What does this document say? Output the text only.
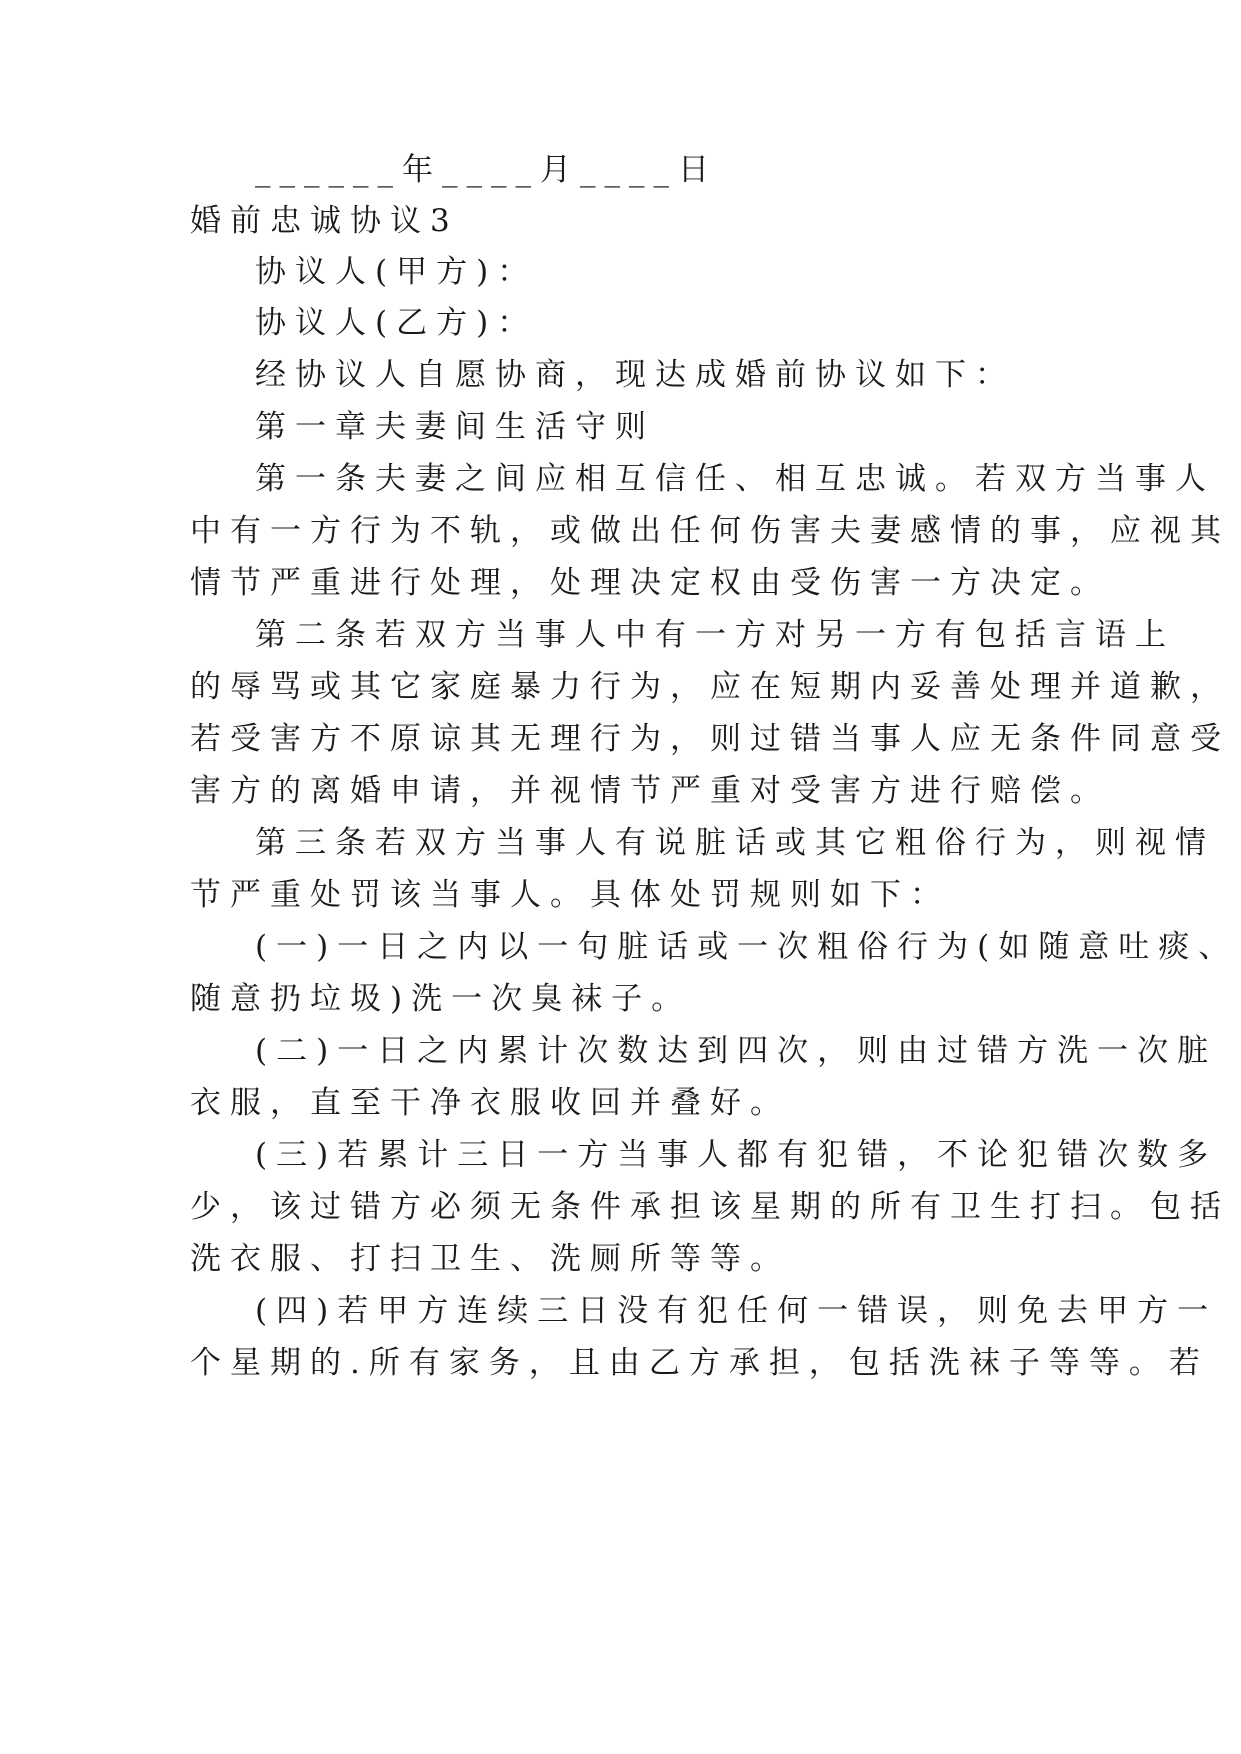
______年____月____日
婚前忠诚协议3
协议人(甲方)：
协议人(乙方)：
经协议人自愿协商，现达成婚前协议如下：
第一章夫妻间生活守则
第一条夫妻之间应相互信任、相互忠诚。若双方当事人
中有一方行为不轨，或做出任何伤害夫妻感情的事，应视其
情节严重进行处理，处理决定权由受伤害一方决定。
第二条若双方当事人中有一方对另一方有包括言语上
的辱骂或其它家庭暴力行为，应在短期内妥善处理并道歉，
若受害方不原谅其无理行为，则过错当事人应无条件同意受
害方的离婚申请，并视情节严重对受害方进行赔偿。
第三条若双方当事人有说脏话或其它粗俗行为，则视情
节严重处罚该当事人。具体处罚规则如下：
(一)一日之内以一句脏话或一次粗俗行为(如随意吐痰、
随意扔垃圾)洗一次臭袜子。
(二)一日之内累计次数达到四次，则由过错方洗一次脏
衣服，直至干净衣服收回并叠好。
(三)若累计三日一方当事人都有犯错，不论犯错次数多
少，该过错方必须无条件承担该星期的所有卫生打扫。包括
洗衣服、打扫卫生、洗厕所等等。
(四)若甲方连续三日没有犯任何一错误，则免去甲方一
个星期的.所有家务，且由乙方承担，包括洗袜子等等。若
